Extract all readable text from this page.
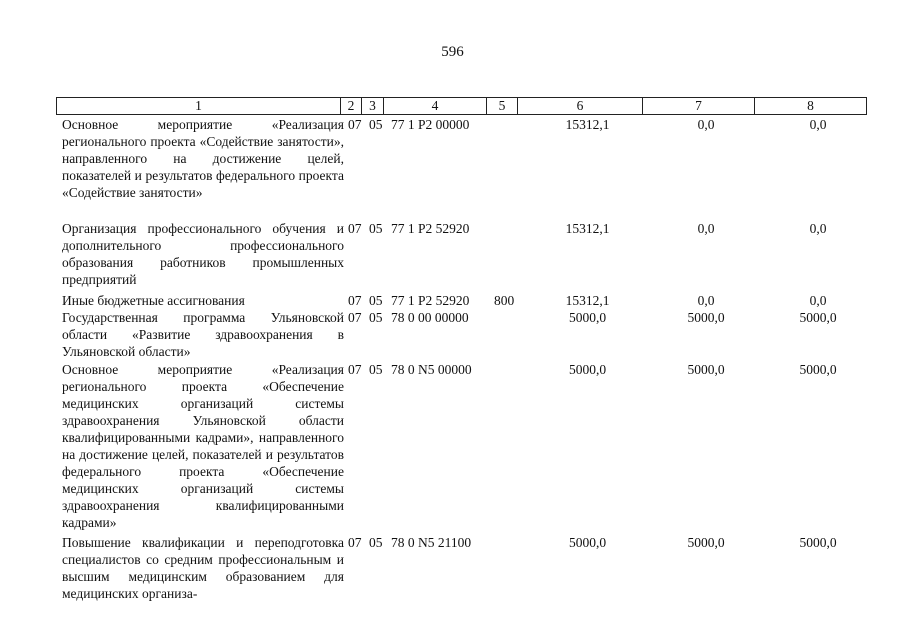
596
1	2	3	4	5	6	7	8
Основное мероприятие «Реализация регионального проекта «Содействие занятости», направленного на достижение целей, показателей и результатов федерального проекта «Содействие занятости»	07	05	77 1 P2 00000		15312,1	0,0	0,0
Организация профессионального обучения и дополнительного профессионального образования работников промышленных предприятий	07	05	77 1 P2 52920		15312,1	0,0	0,0
Иные бюджетные ассигнования	07	05	77 1 P2 52920	800	15312,1	0,0	0,0
Государственная программа Ульяновской области «Развитие здравоохранения в Ульяновской области»	07	05	78 0 00 00000		5000,0	5000,0	5000,0
Основное мероприятие «Реализация регионального проекта «Обеспечение медицинских организаций системы здравоохранения Ульяновской области квалифицированными кадрами», направленного на достижение целей, показателей и результатов федерального проекта «Обеспечение медицинских организаций системы здравоохранения квалифицированными кадрами»	07	05	78 0 N5 00000		5000,0	5000,0	5000,0
Повышение квалификации и переподготовка специалистов со средним профессиональным и высшим медицинским образованием для медицинских организа-	07	05	78 0 N5 21100		5000,0	5000,0	5000,0
